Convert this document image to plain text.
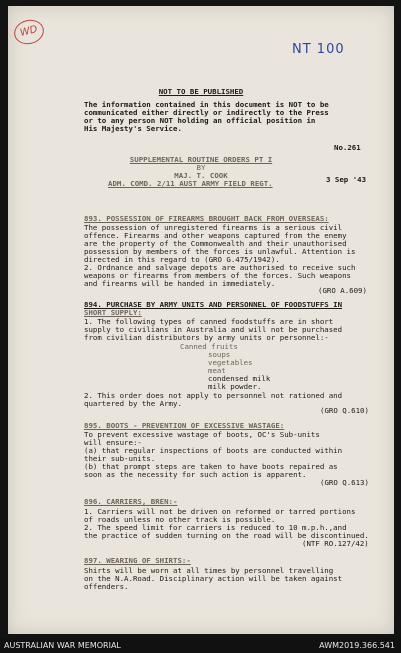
WD
NT 100
NOT TO BE PUBLISHED
The information contained in this document is NOT to be
communicated either directly or indirectly to the Press
or to any person NOT holding an official position in
His Majesty's Service.
No.261
SUPPLEMENTAL ROUTINE ORDERS PT I
BY
MAJ. T. COOK
ADM. COMD. 2/11 AUST ARMY FIELD REGT.	3 Sep '43
893. POSSESSION OF FIREARMS BROUGHT BACK FROM OVERSEAS:
The possession of unregistered firearms is a serious civil
offence. Firearms and other weapons captured from the enemy
are the property of the Commonwealth and their unauthorised
possession by members of the forces is unlawful. Attention is
directed in this regard to (GRO G.475/1942).
2. Ordnance and salvage depots are authorised to receive such
weapons or firearms from members of the forces. Such weapons
and firearms will be handed in immediately.
(GRO A.609)
894. PURCHASE BY ARMY UNITS AND PERSONNEL OF FOODSTUFFS IN
SHORT SUPPLY:
1. The following types of canned foodstuffs are in short
supply to civilians in Australia and will not be purchased
from civilian distributors by army units or personnel:-
Canned fruits
soups
vegetables
meat
condensed milk
milk powder.
2. This order does not apply to personnel not rationed and
quartered by the Army.
(GRO Q.610)
895. BOOTS - PREVENTION OF EXCESSIVE WASTAGE:
To prevent excessive wastage of boots, OC's Sub-units
will ensure:-
(a) that regular inspections of boots are conducted within
their sub-units.
(b) that prompt steps are taken to have boots repaired as
soon as the necessity for such action is apparent.
(GRO Q.613)
896. CARRIERS, BREN:-
1. Carriers will not be driven on reformed or tarred portions
of roads unless no other track is possible.
2. The speed limit for carriers is reduced to 10 m.p.h.,and
the practice of sudden turning on the road will be discontinued.
(NTF RO.127/42)
897. WEARING OF SHIRTS:-
Shirts will be worn at all times by personnel travelling
on the N.A.Road. Disciplinary action will be taken against
offenders.
AUSTRALIAN WAR MEMORIAL	AWM2019.366.541
